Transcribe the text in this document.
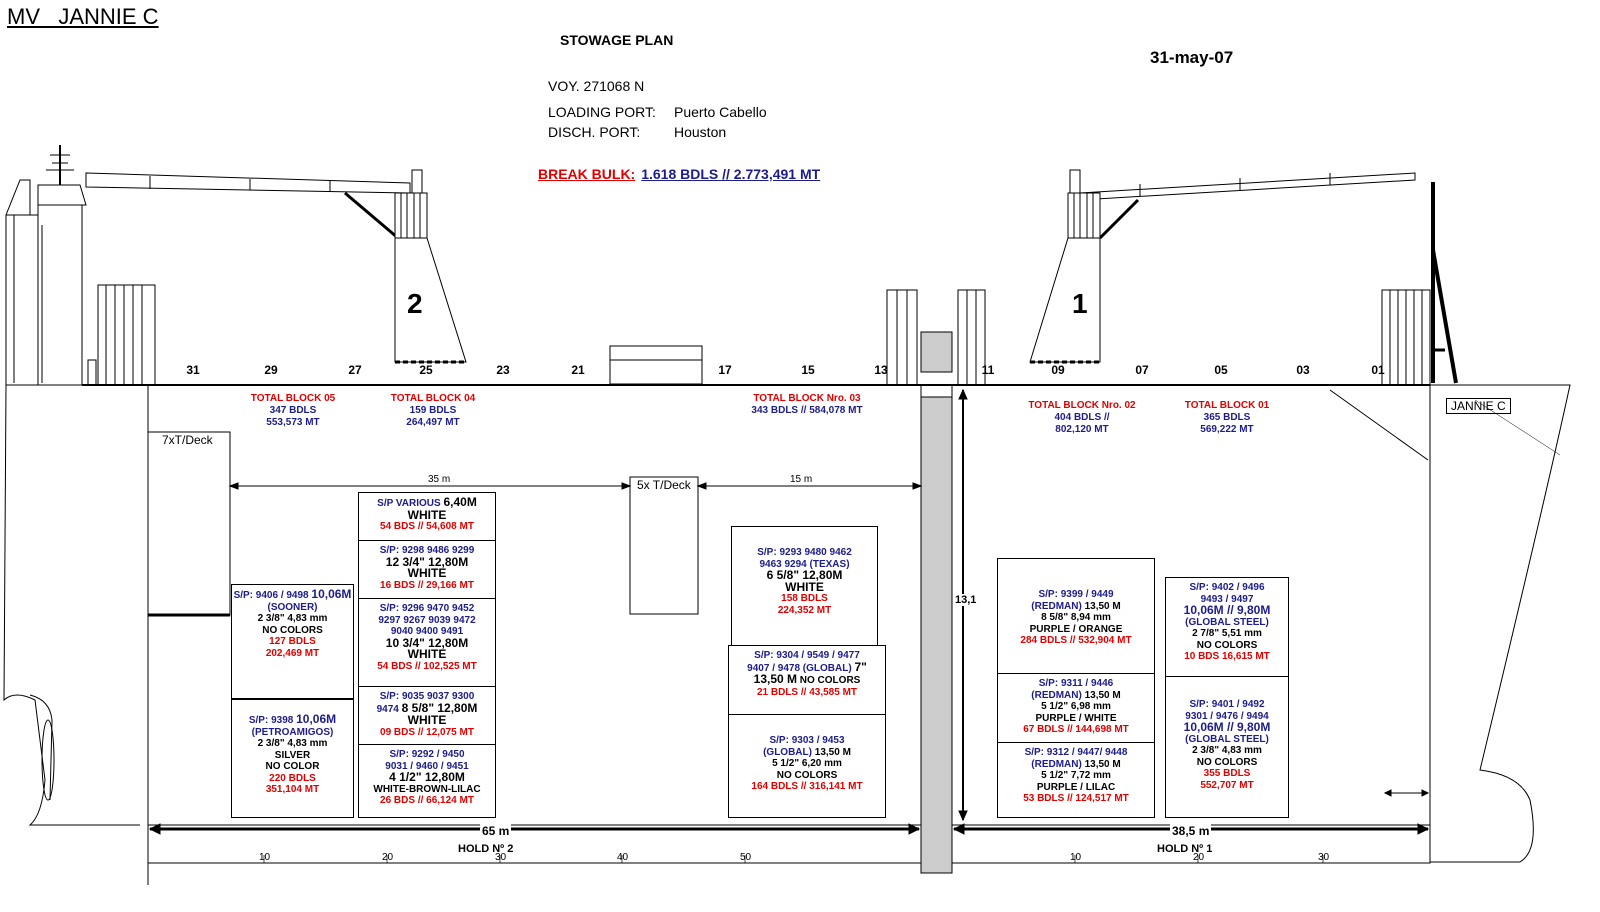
MV   JANNIE C
STOWAGE PLAN
31-may-07
VOY. 271068 N
LOADING PORT: Puerto Cabello
DISCH. PORT: Houston
BREAK BULK: 1.618 BDLS // 2.773,491 MT
2	1
31	29	27	25	23	21	17	15	13	11	09	07	05	03	01
TOTAL BLOCK 05
347 BDLS
553,573 MT
TOTAL BLOCK 04
159 BDLS
264,497 MT
TOTAL BLOCK Nro. 03
343 BDLS // 584,078 MT	TOTAL BLOCK Nro. 02
404 BDLS //
802,120 MT
TOTAL BLOCK 01
365 BDLS
569,222 MT
7xT/Deck
5x T/Deck
JANNIE C
35 m	15 m
13,1
65 m	38,5 m
HOLD Nº 2	HOLD Nº 1
10	20	30	40	50	10	20	30
S/P: 9406 / 9498 10,06M
(SOONER)
2 3/8" 4,83 mm
NO COLORS
127 BDLS
202,469 MT
S/P: 9398 10,06M
(PETROAMIGOS)
2 3/8" 4,83 mm
SILVER
NO COLOR
220 BDLS
351,104 MT
S/P VARIOUS 6,40M
WHITE
54 BDS // 54,608 MT
S/P: 9298 9486 9299
12 3/4" 12,80M
WHITE
16 BDS // 29,166 MT
S/P: 9296 9470 9452
9297 9267 9039 9472
9040 9400 9491
10 3/4" 12,80M
WHITE
54 BDS // 102,525 MT
S/P: 9035 9037 9300
9474 8 5/8" 12,80M
WHITE
09 BDS // 12,075 MT
S/P: 9292 / 9450
9031 / 9460 / 9451
4 1/2" 12,80M
WHITE-BROWN-LILAC
26 BDS // 66,124 MT
S/P: 9293 9480 9462
9463 9294 (TEXAS)
6 5/8" 12,80M
WHITE
158 BDLS
224,352 MT
S/P: 9304 / 9549 / 9477
9407 / 9478 (GLOBAL) 7"
13,50 M NO COLORS
21 BDLS // 43,585 MT
S/P: 9303 / 9453
(GLOBAL) 13,50 M
5 1/2" 6,20 mm
NO COLORS
164 BDLS // 316,141 MT
S/P: 9399 / 9449
(REDMAN) 13,50 M
8 5/8" 8,94 mm
PURPLE / ORANGE
284 BDLS // 532,904 MT
S/P: 9311 / 9446
(REDMAN) 13,50 M
5 1/2" 6,98 mm
PURPLE / WHITE
67 BDLS // 144,698 MT
S/P: 9312 / 9447/ 9448
(REDMAN) 13,50 M
5 1/2" 7,72 mm
PURPLE / LILAC
53 BDLS // 124,517 MT
S/P: 9402 / 9496
9493 / 9497
10,06M // 9,80M
(GLOBAL STEEL)
2 7/8" 5,51 mm
NO COLORS
10 BDS 16,615 MT
S/P: 9401 / 9492
9301 / 9476 / 9494
10,06M // 9,80M
(GLOBAL STEEL)
2 3/8" 4,83 mm
NO COLORS
355 BDLS
552,707 MT
